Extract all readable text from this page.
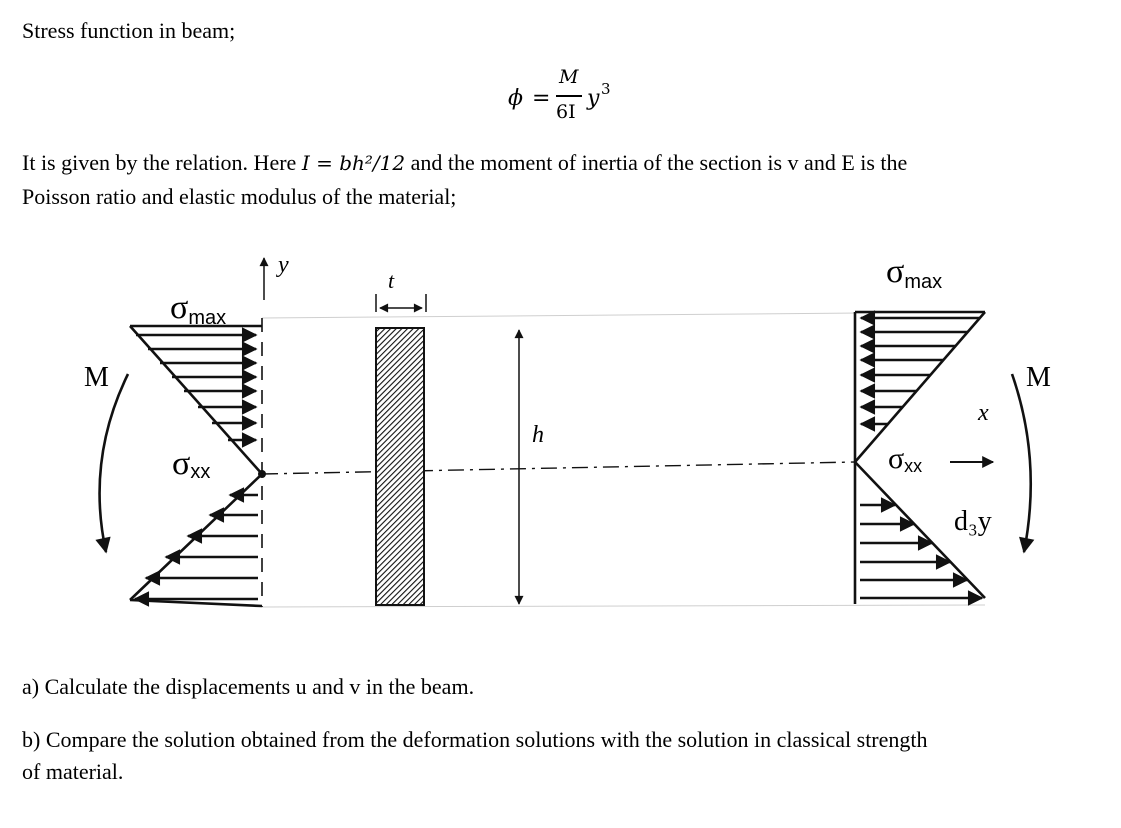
Stress function in beam;
ϕ =
M
6I
y 3
It is given by the relation. Here I = bh²/12 and the moment of inertia of the section is v and E is the
Poisson ratio and elastic modulus of the material;
y
t
h
x
M	M
σmax
σmax
σxx	σxx
d₃y
a) Calculate the displacements u and v in the beam.
b) Compare the solution obtained from the deformation solutions with the solution in classical strength
of material.
